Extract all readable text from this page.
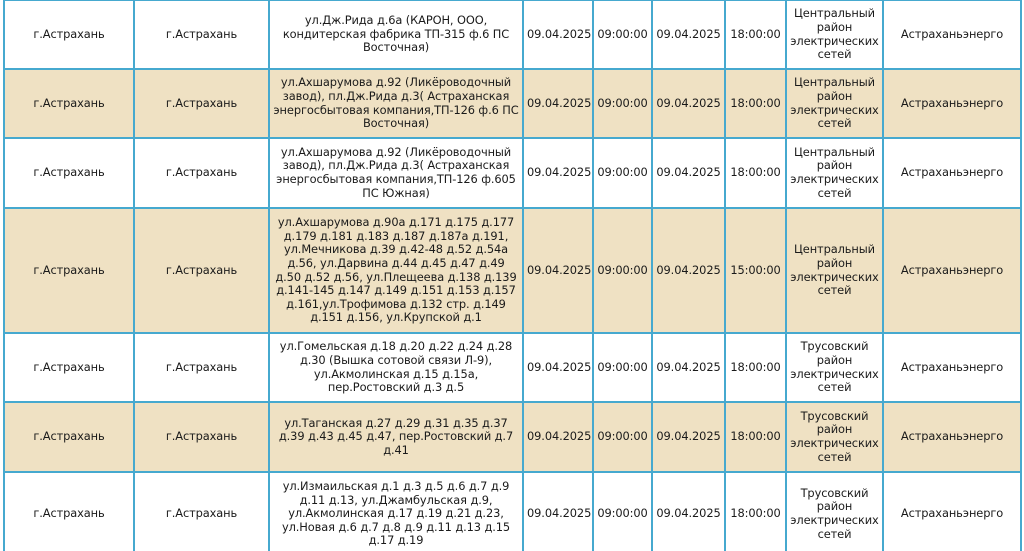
г.Астрахань	г.Астрахань	ул.Дж.Рида д.6а (КАРОН, ООО, кондитерская фабрика ТП-315 ф.6 ПС Восточная)	09.04.2025	09:00:00	09.04.2025	18:00:00	Центральный район электрических сетей	Астраханьэнерго
г.Астрахань	г.Астрахань	ул.Ахшарумова д.92 (Ликёроводочный завод), пл.Дж.Рида д.3( Астраханская энергосбытовая компания,ТП-126 ф.6 ПС Восточная)	09.04.2025	09:00:00	09.04.2025	18:00:00	Центральный район электрических сетей	Астраханьэнерго
г.Астрахань	г.Астрахань	ул.Ахшарумова д.92 (Ликёроводочный завод), пл.Дж.Рида д.3( Астраханская энергосбытовая компания,ТП-126 ф.605 ПС Южная)	09.04.2025	09:00:00	09.04.2025	18:00:00	Центральный район электрических сетей	Астраханьэнерго
г.Астрахань	г.Астрахань	ул.Ахшарумова д.90а д.171 д.175 д.177 д.179 д.181 д.183 д.187 д.187а д.191, ул.Мечникова д.39 д.42-48 д.52 д.54а д.56, ул.Дарвина д.44 д.45 д.47 д.49 д.50 д.52 д.56, ул.Плещеева д.138 д.139 д.141-145 д.147 д.149 д.151 д.153 д.157 д.161,ул.Трофимова д.132 стр. д.149 д.151 д.156, ул.Крупской д.1	09.04.2025	09:00:00	09.04.2025	15:00:00	Центральный район электрических сетей	Астраханьэнерго
г.Астрахань	г.Астрахань	ул.Гомельская д.18 д.20 д.22 д.24 д.28 д.30 (Вышка сотовой связи Л-9), ул.Акмолинская д.15 д.15а, пер.Ростовский д.3 д.5	09.04.2025	09:00:00	09.04.2025	18:00:00	Трусовский район электрических сетей	Астраханьэнерго
г.Астрахань	г.Астрахань	ул.Таганская д.27 д.29 д.31 д.35 д.37 д.39 д.43 д.45 д.47, пер.Ростовский д.7 д.41	09.04.2025	09:00:00	09.04.2025	18:00:00	Трусовский район электрических сетей	Астраханьэнерго
г.Астрахань	г.Астрахань	ул.Измаильская д.1 д.3 д.5 д.6 д.7 д.9 д.11 д.13, ул.Джамбульская д.9, ул.Акмолинская д.17 д.19 д.21 д.23, ул.Новая д.6 д.7 д.8 д.9 д.11 д.13 д.15 д.17 д.19	09.04.2025	09:00:00	09.04.2025	18:00:00	Трусовский район электрических сетей	Астраханьэнерго
